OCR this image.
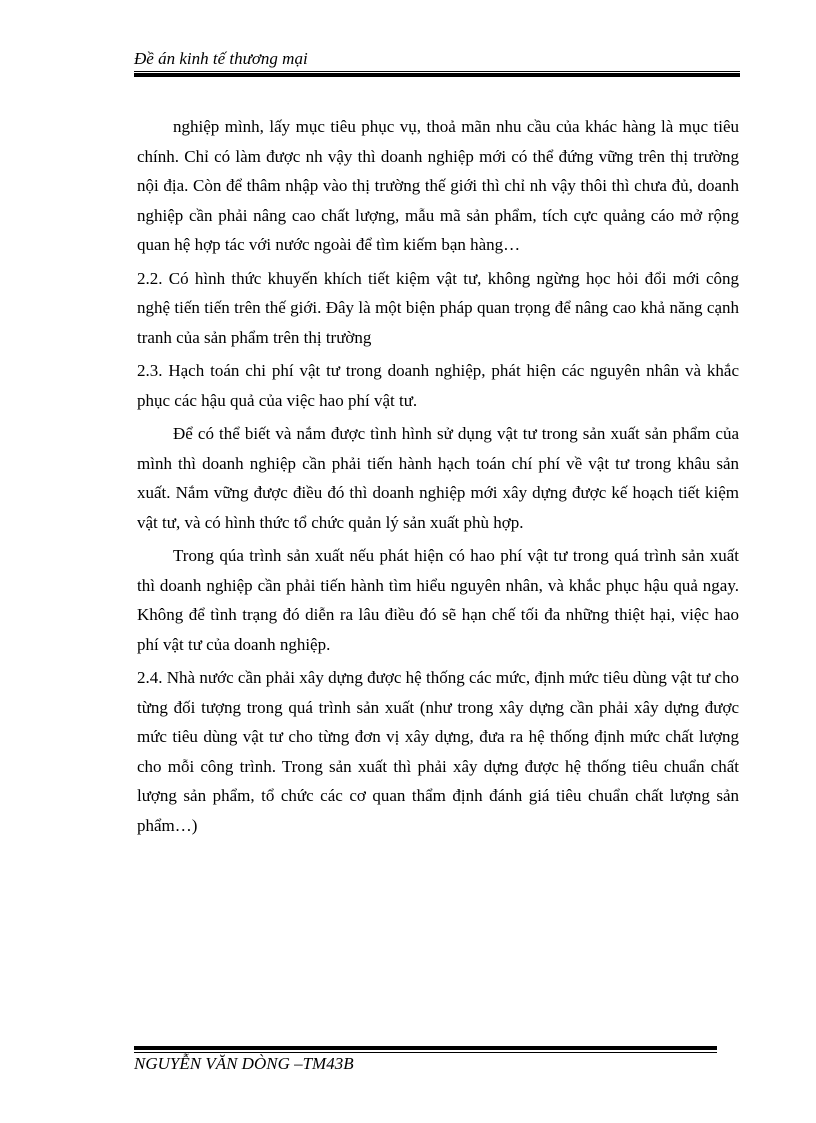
Đề án kinh tế thương mại

nghiệp mình, lấy mục tiêu phục vụ, thoả mãn nhu cầu của khác hàng là mục tiêu chính. Chỉ có làm được nh vậy thì doanh nghiệp mới có thể đứng vững trên thị trường nội địa. Còn để thâm nhập vào thị trường thế giới thì chỉ nh vậy thôi thì chưa đủ, doanh nghiệp cần phải nâng cao chất lượng, mẫu mã sản phẩm, tích cực quảng cáo mở rộng quan hệ hợp tác với nước ngoài để tìm kiếm bạn hàng…

2.2. Có hình thức khuyến khích tiết kiệm vật tư, không ngừng học hỏi đổi mới công nghệ tiến tiến trên thế giới. Đây là một biện pháp quan trọng để nâng cao khả năng cạnh tranh của sản phẩm trên thị trường

2.3. Hạch toán chi phí vật tư trong doanh nghiệp, phát hiện các nguyên nhân và khắc phục các hậu quả của việc hao phí vật tư.

Để có thể biết và nắm được tình hình sử dụng vật tư trong sản xuất sản phẩm của mình thì doanh nghiệp cần phải tiến hành hạch toán chí phí về vật tư trong khâu sản xuất. Nắm vững được điều đó thì doanh nghiệp mới xây dựng được kế hoạch tiết kiệm vật tư, và có hình thức tổ chức quản lý sản xuất phù hợp.

Trong qúa trình sản xuất nếu phát hiện có hao phí vật tư trong quá trình sản xuất thì doanh nghiệp cần phải tiến hành tìm hiểu nguyên nhân, và khắc phục hậu quả ngay. Không để tình trạng đó diễn ra lâu điều đó sẽ hạn chế tối đa những thiệt hại, việc hao phí vật tư của doanh nghiệp.

2.4. Nhà nước cần phải xây dựng được hệ thống các mức, định mức tiêu dùng vật tư cho từng đối tượng trong quá trình sản xuất (như trong xây dựng cần phải xây dựng được mức tiêu dùng vật tư cho từng đơn vị xây dựng, đưa ra hệ thống định mức chất lượng cho mỗi công trình. Trong sản xuất thì phải xây dựng được hệ thống tiêu chuẩn chất lượng sản phẩm, tổ chức các cơ quan thẩm định đánh giá tiêu chuẩn chất lượng sản phẩm…)

NGUYỄN VĂN DÒNG –TM43B
